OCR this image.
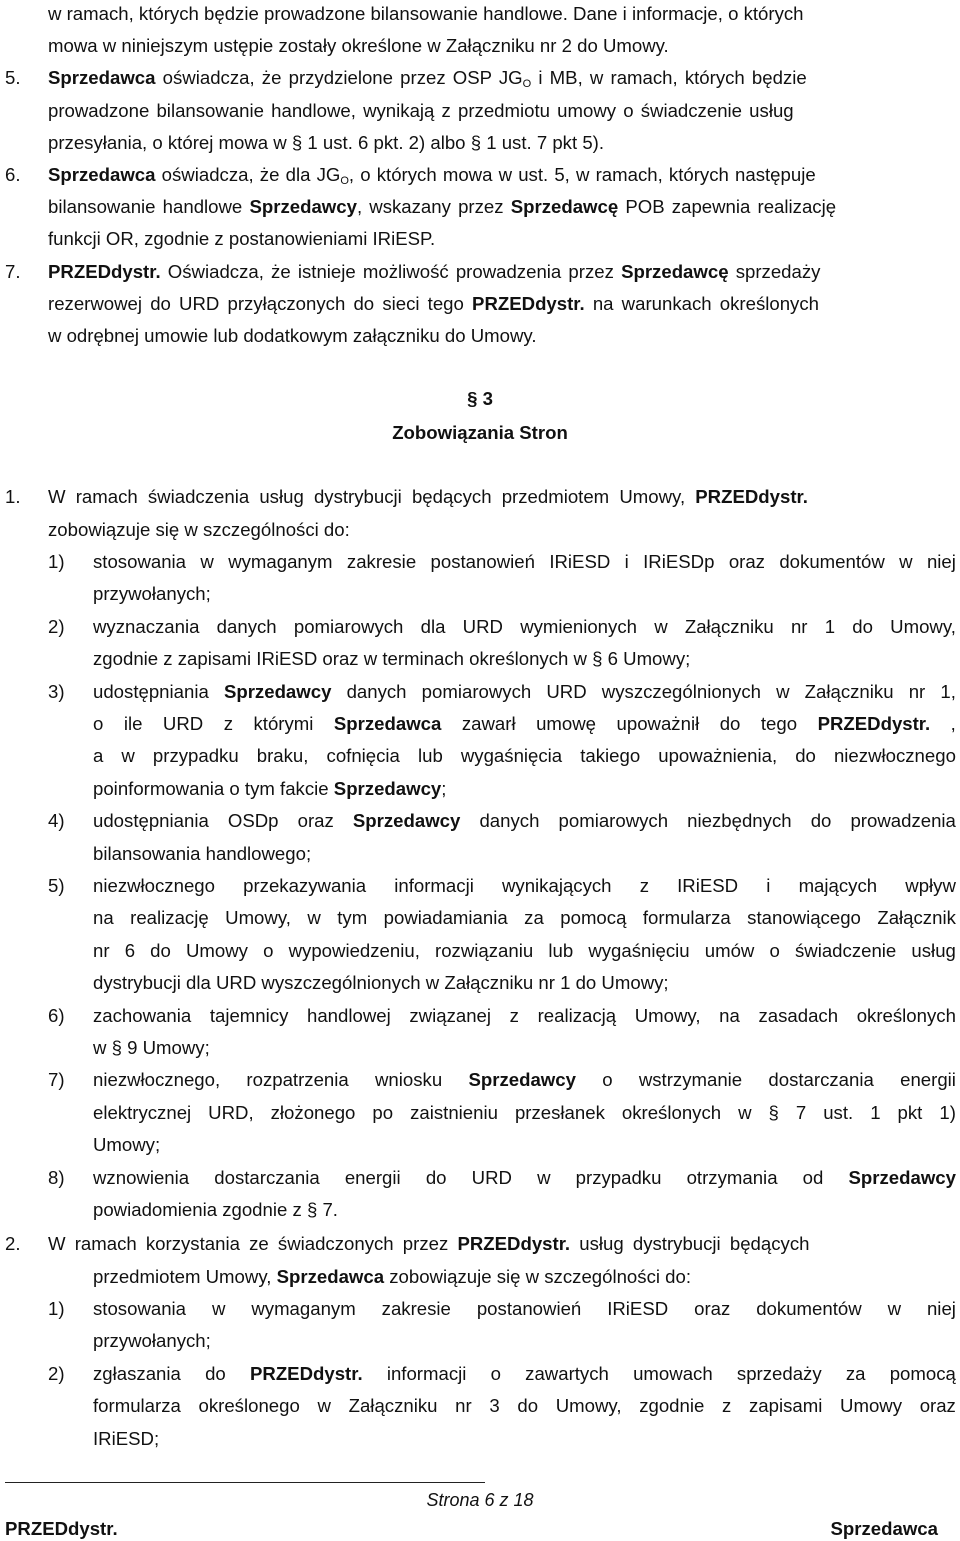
w ramach, których będzie prowadzone bilansowanie handlowe. Dane i informacje, o których
mowa w niniejszym ustępie zostały określone w Załączniku nr 2 do Umowy.
5. Sprzedawca oświadcza, że przydzielone przez OSP $JG_O$ i MB, w ramach, których będzie
prowadzone bilansowanie handlowe, wynikają z przedmiotu umowy o świadczenie usług
przesyłania, o której mowa w § 1 ust. 6 pkt. 2) albo § 1 ust. 7 pkt 5).
6. Sprzedawca oświadcza, że dla $JG_O$, o których mowa w ust. 5, w ramach, których następuje
bilansowanie handlowe Sprzedawcy, wskazany przez Sprzedawcę POB zapewnia realizację
funkcji OR, zgodnie z postanowieniami IRiESP.
7. PRZEDdystr. Oświadcza, że istnieje możliwość prowadzenia przez Sprzedawcę sprzedaży
rezerwowej do URD przyłączonych do sieci tego PRZEDdystr. na warunkach określonych
w odrębnej umowie lub dodatkowym załączniku do Umowy.
§ 3
Zobowiązania Stron
1. W ramach świadczenia usług dystrybucji będących przedmiotem Umowy, PRZEDdystr.
zobowiązuje się w szczególności do:
1) stosowania w wymaganym zakresie postanowień IRiESD i IRiESDp oraz dokumentów w niej
przywołanych;
2) wyznaczania danych pomiarowych dla URD wymienionych w Załączniku nr 1 do Umowy,
zgodnie z zapisami IRiESD oraz w terminach określonych w § 6 Umowy;
3) udostępniania Sprzedawcy danych pomiarowych URD wyszczególnionych w Załączniku nr 1,
o ile URD z którymi Sprzedawca zawarł umowę upoważnił do tego PRZEDdystr. ,
a w przypadku braku, cofnięcia lub wygaśnięcia takiego upoważnienia, do niezwłocznego
poinformowania o tym fakcie Sprzedawcy;
4) udostępniania OSDp oraz Sprzedawcy danych pomiarowych niezbędnych do prowadzenia
bilansowania handlowego;
5) niezwłocznego przekazywania informacji wynikających z IRiESD i mających wpływ
na realizację Umowy, w tym powiadamiania za pomocą formularza stanowiącego Załącznik
nr 6 do Umowy o wypowiedzeniu, rozwiązaniu lub wygaśnięciu umów o świadczenie usług
dystrybucji dla URD wyszczególnionych w Załączniku nr 1 do Umowy;
6) zachowania tajemnicy handlowej związanej z realizacją Umowy, na zasadach określonych
w § 9 Umowy;
7) niezwłocznego, rozpatrzenia wniosku Sprzedawcy o wstrzymanie dostarczania energii
elektrycznej URD, złożonego po zaistnieniu przesłanek określonych w § 7 ust. 1 pkt 1)
Umowy;
8) wznowienia dostarczania energii do URD w przypadku otrzymania od Sprzedawcy
powiadomienia zgodnie z § 7.
2. W ramach korzystania ze świadczonych przez PRZEDdystr. usług dystrybucji będących
przedmiotem Umowy, Sprzedawca zobowiązuje się w szczególności do:
1) stosowania w wymaganym zakresie postanowień IRiESD oraz dokumentów w niej
przywołanych;
2) zgłaszania do PRZEDdystr. informacji o zawartych umowach sprzedaży za pomocą
formularza określonego w Załączniku nr 3 do Umowy, zgodnie z zapisami Umowy oraz
IRiESD;
Strona 6 z 18
PRZEDdystr.	Sprzedawca
